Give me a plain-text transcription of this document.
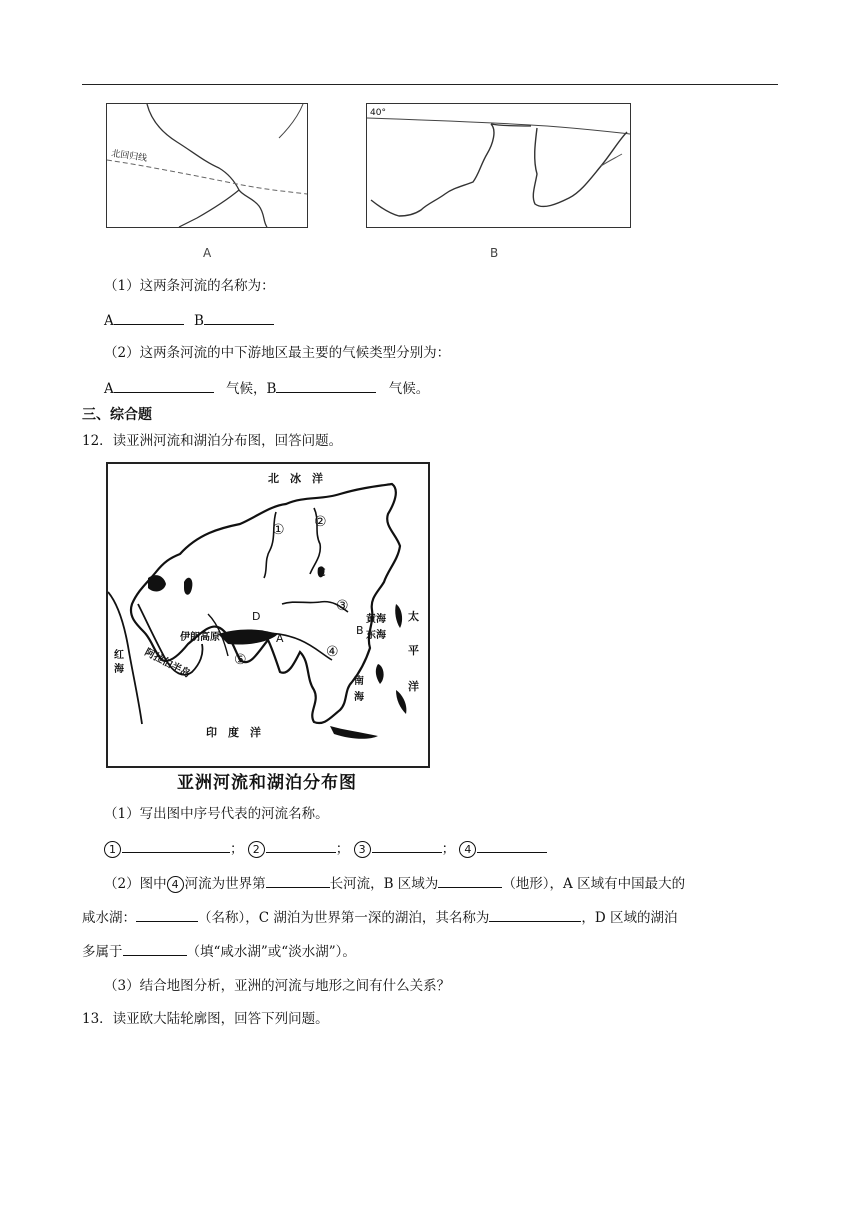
北回归线
A
40°
B
（1）这两条河流的名称为：
A	B
（2）这两条河流的中下游地区最主要的气候类型分别为：
A	气候，B	气候。
三、综合题
12．读亚洲河流和湖泊分布图，回答问题。
北　冰　洋
太
平
洋
印　度　洋
伊朗高原
红
海 阿拉伯半岛
黄海
东海
南
海
A
B
C
D
① ②
③
④
⑤
亚洲河流和湖泊分布图
（1）写出图中序号代表的河流名称。
1	； 2	； 3	； 4
（2）图中 4 河流为世界第	长河流，B 区域为	（地形），A 区域有中国最大的
咸水湖：	（名称），C 湖泊为世界第一深的湖泊，其名称为	，D 区域的湖泊
多属于	（填“咸水湖”或“淡水湖”）。
（3）结合地图分析，亚洲的河流与地形之间有什么关系？
13．读亚欧大陆轮廓图，回答下列问题。
